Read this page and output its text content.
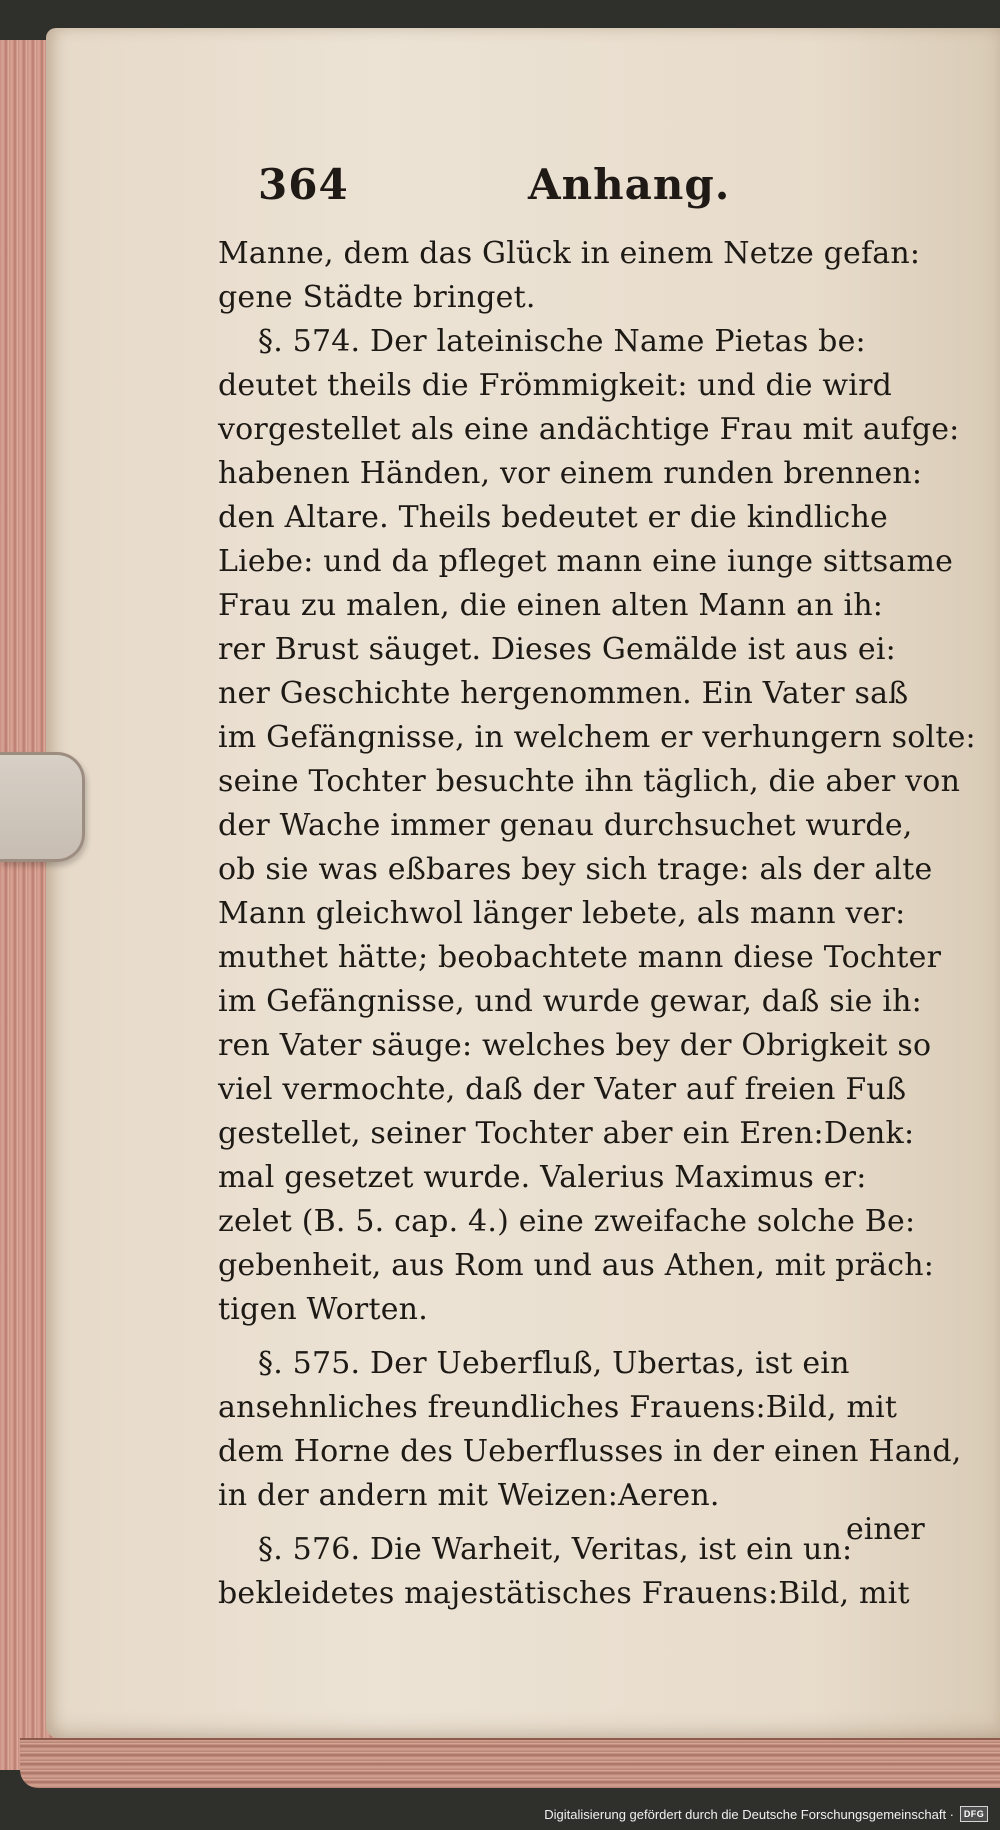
364	Anhang.
Manne, dem das Glück in einem Netze gefan:
gene Städte bringet.
§. 574. Der lateinische Name Pietas be:
deutet theils die Frömmigkeit: und die wird
vorgestellet als eine andächtige Frau mit aufge:
habenen Händen, vor einem runden brennen:
den Altare. Theils bedeutet er die kindliche
Liebe: und da pfleget mann eine iunge sittsame
Frau zu malen, die einen alten Mann an ih:
rer Brust säuget. Dieses Gemälde ist aus ei:
ner Geschichte hergenommen. Ein Vater saß
im Gefängnisse, in welchem er verhungern solte:
seine Tochter besuchte ihn täglich, die aber von
der Wache immer genau durchsuchet wurde,
ob sie was eßbares bey sich trage: als der alte
Mann gleichwol länger lebete, als mann ver:
muthet hätte; beobachtete mann diese Tochter
im Gefängnisse, und wurde gewar, daß sie ih:
ren Vater säuge: welches bey der Obrigkeit so
viel vermochte, daß der Vater auf freien Fuß
gestellet, seiner Tochter aber ein Eren:Denk:
mal gesetzet wurde. Valerius Maximus er:
zelet (B. 5. cap. 4.) eine zweifache solche Be:
gebenheit, aus Rom und aus Athen, mit präch:
tigen Worten.
§. 575. Der Ueberfluß, Ubertas, ist ein
ansehnliches freundliches Frauens:Bild, mit
dem Horne des Ueberflusses in der einen Hand,
in der andern mit Weizen:Aeren.
§. 576. Die Warheit, Veritas, ist ein un:
bekleidetes majestätisches Frauens:Bild, mit
einer
Digitalisierung gefördert durch die Deutsche Forschungsgemeinschaft ·	DFG
